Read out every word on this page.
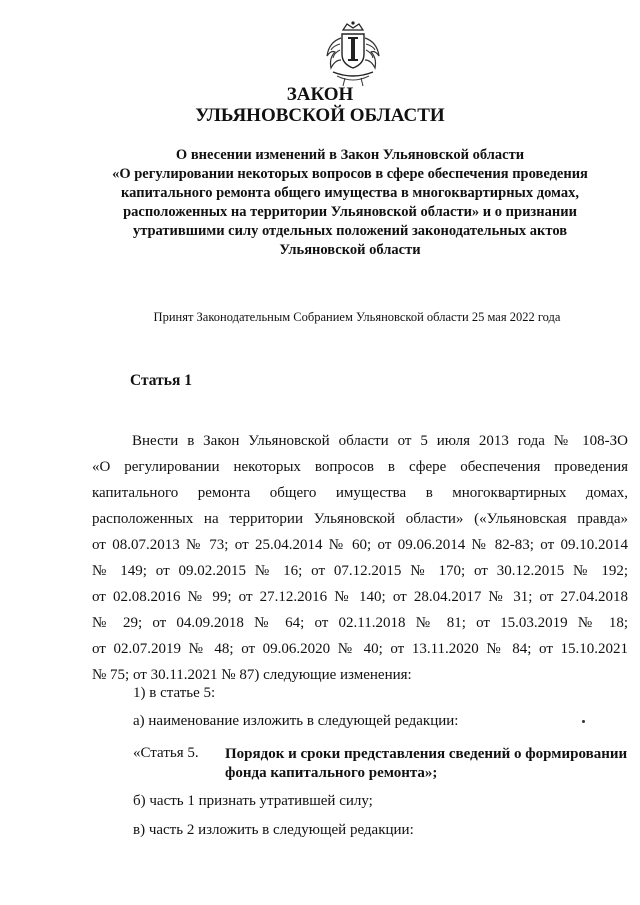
ЗАКОН
УЛЬЯНОВСКОЙ ОБЛАСТИ
О внесении изменений в Закон Ульяновской области
«О регулировании некоторых вопросов в сфере обеспечения проведения
капитального ремонта общего имущества в многоквартирных домах,
расположенных на территории Ульяновской области» и о признании
утратившими силу отдельных положений законодательных актов
Ульяновской области
Принят Законодательным Собранием Ульяновской области 25 мая 2022 года
Статья 1
Внести в Закон Ульяновской области от 5 июля 2013 года № 108-ЗО
«О регулировании некоторых вопросов в сфере обеспечения проведения
капитального ремонта общего имущества в многоквартирных домах,
расположенных на территории Ульяновской области» («Ульяновская правда»
от 08.07.2013 № 73; от 25.04.2014 № 60; от 09.06.2014 № 82-83; от 09.10.2014
№ 149; от 09.02.2015 № 16; от 07.12.2015 № 170; от 30.12.2015 № 192;
от 02.08.2016 № 99; от 27.12.2016 № 140; от 28.04.2017 № 31; от 27.04.2018
№ 29; от 04.09.2018 № 64; от 02.11.2018 № 81; от 15.03.2019 № 18;
от 02.07.2019 № 48; от 09.06.2020 № 40; от 13.11.2020 № 84; от 15.10.2021
№ 75; от 30.11.2021 № 87) следующие изменения:
1) в статье 5:
а) наименование изложить в следующей редакции:
«Статья 5. Порядок и сроки представления сведений о формировании
фонда капитального ремонта»;
б) часть 1 признать утратившей силу;
в) часть 2 изложить в следующей редакции:
